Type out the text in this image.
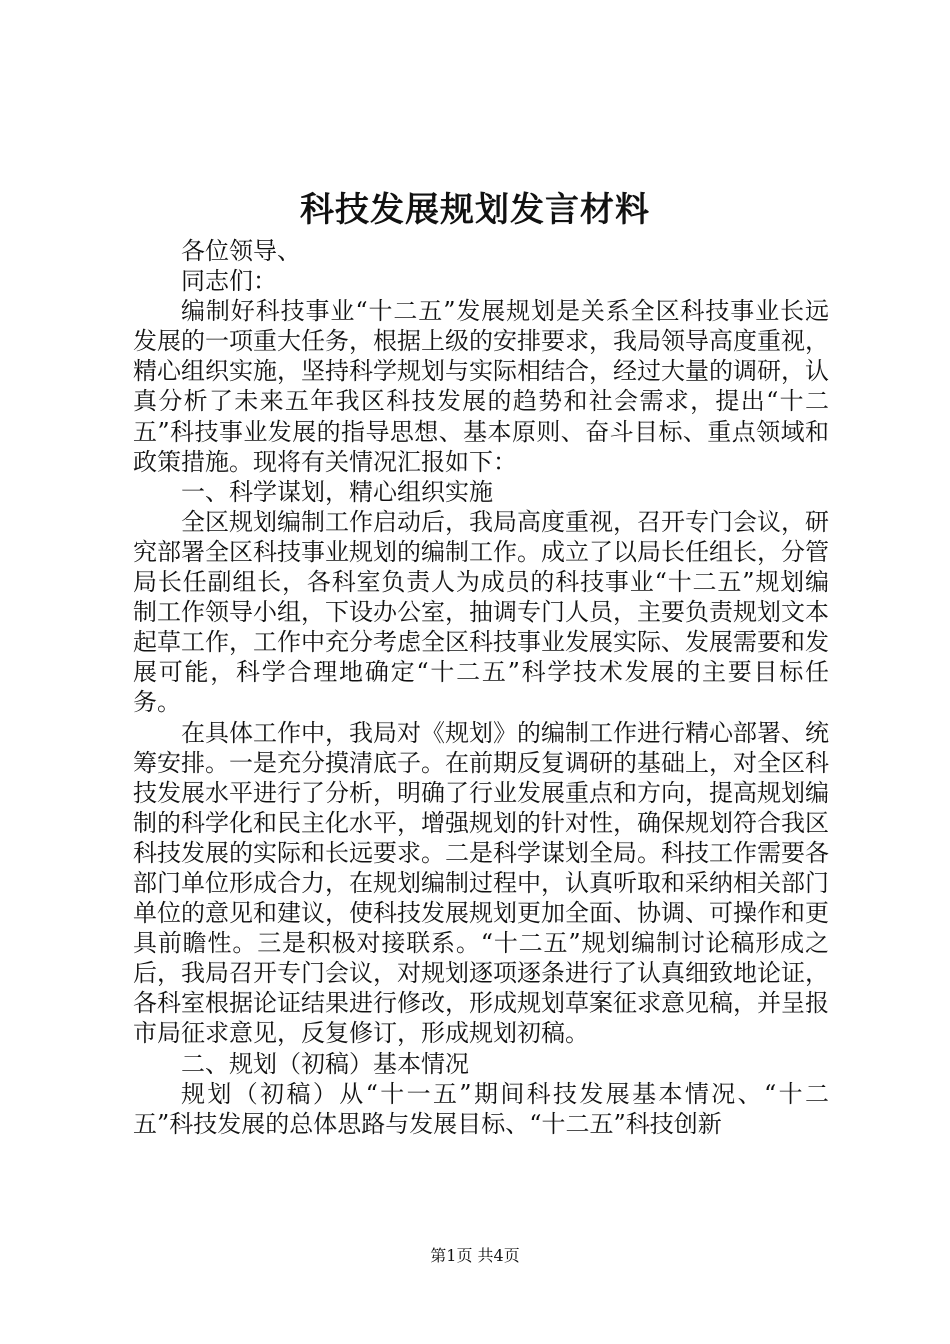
科技发展规划发言材料

各位领导、

同志们：

编制好科技事业“十二五”发展规划是关系全区科技事业长远发展的一项重大任务，根据上级的安排要求，我局领导高度重视，精心组织实施，坚持科学规划与实际相结合，经过大量的调研，认真分析了未来五年我区科技发展的趋势和社会需求，提出“十二五”科技事业发展的指导思想、基本原则、奋斗目标、重点领域和政策措施。现将有关情况汇报如下：

一、科学谋划，精心组织实施

全区规划编制工作启动后，我局高度重视，召开专门会议，研究部署全区科技事业规划的编制工作。成立了以局长任组长，分管局长任副组长，各科室负责人为成员的科技事业“十二五”规划编制工作领导小组，下设办公室，抽调专门人员，主要负责规划文本起草工作，工作中充分考虑全区科技事业发展实际、发展需要和发展可能，科学合理地确定“十二五”科学技术发展的主要目标任务。

在具体工作中，我局对《规划》的编制工作进行精心部署、统筹安排。一是充分摸清底子。在前期反复调研的基础上，对全区科技发展水平进行了分析，明确了行业发展重点和方向，提高规划编制的科学化和民主化水平，增强规划的针对性，确保规划符合我区科技发展的实际和长远要求。二是科学谋划全局。科技工作需要各部门单位形成合力，在规划编制过程中，认真听取和采纳相关部门单位的意见和建议，使科技发展规划更加全面、协调、可操作和更具前瞻性。三是积极对接联系。“十二五”规划编制讨论稿形成之后，我局召开专门会议，对规划逐项逐条进行了认真细致地论证，各科室根据论证结果进行修改，形成规划草案征求意见稿，并呈报市局征求意见，反复修订，形成规划初稿。

二、规划（初稿）基本情况

规划（初稿）从“十一五”期间科技发展基本情况、“十二五”科技发展的总体思路与发展目标、“十二五”科技创新

第1页 共4页
